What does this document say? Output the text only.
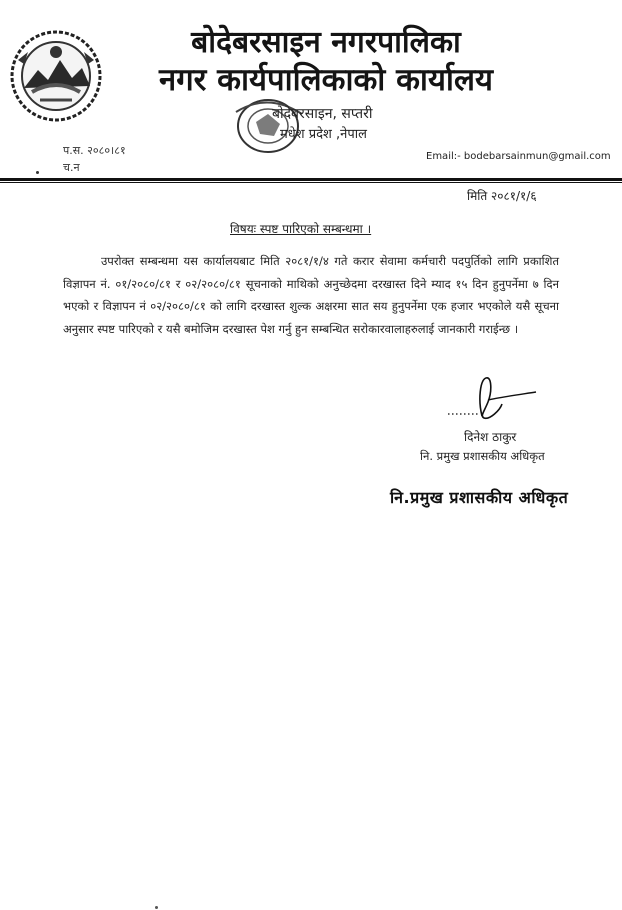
बोदेबरसाइन नगरपालिका
नगर कार्यपालिकाको कार्यालय
बोदेबरसाइन, सप्तरी
मधेश प्रदेश ,नेपाल
प.स. २०८०।८१
च.न
Email:- bodebarsainmun@gmail.com
मिति २०८१/१/६
विषयः स्पष्ट पारिएको सम्बन्धमा ।
उपरोक्त सम्बन्धमा यस कार्यालयबाट मिति २०८१/१/४ गते करार सेवामा कर्मचारी पदपुर्तिको लागि प्रकाशित विज्ञापन नं. ०१/२०८०/८१ र ०२/२०८०/८१ सूचनाको माथिको अनुच्छेदमा दरखास्त दिने म्याद १५ दिन हुनुपर्नेमा ७ दिन भएको र विज्ञापन नं ०२/२०८०/८१ को लागि दरखास्त शुल्क अक्षरमा सात सय हुनुपर्नेमा एक हजार भएकोले यसै सूचना अनुसार स्पष्ट पारिएको र यसै बमोजिम दरखास्त पेश गर्नु हुन सम्बन्धित सरोकारवालाहरुलाई जानकारी गराईन्छ ।
दिनेश ठाकुर
नि. प्रमुख प्रशासकीय अधिकृत
नि.प्रमुख प्रशासकीय अधिकृत
